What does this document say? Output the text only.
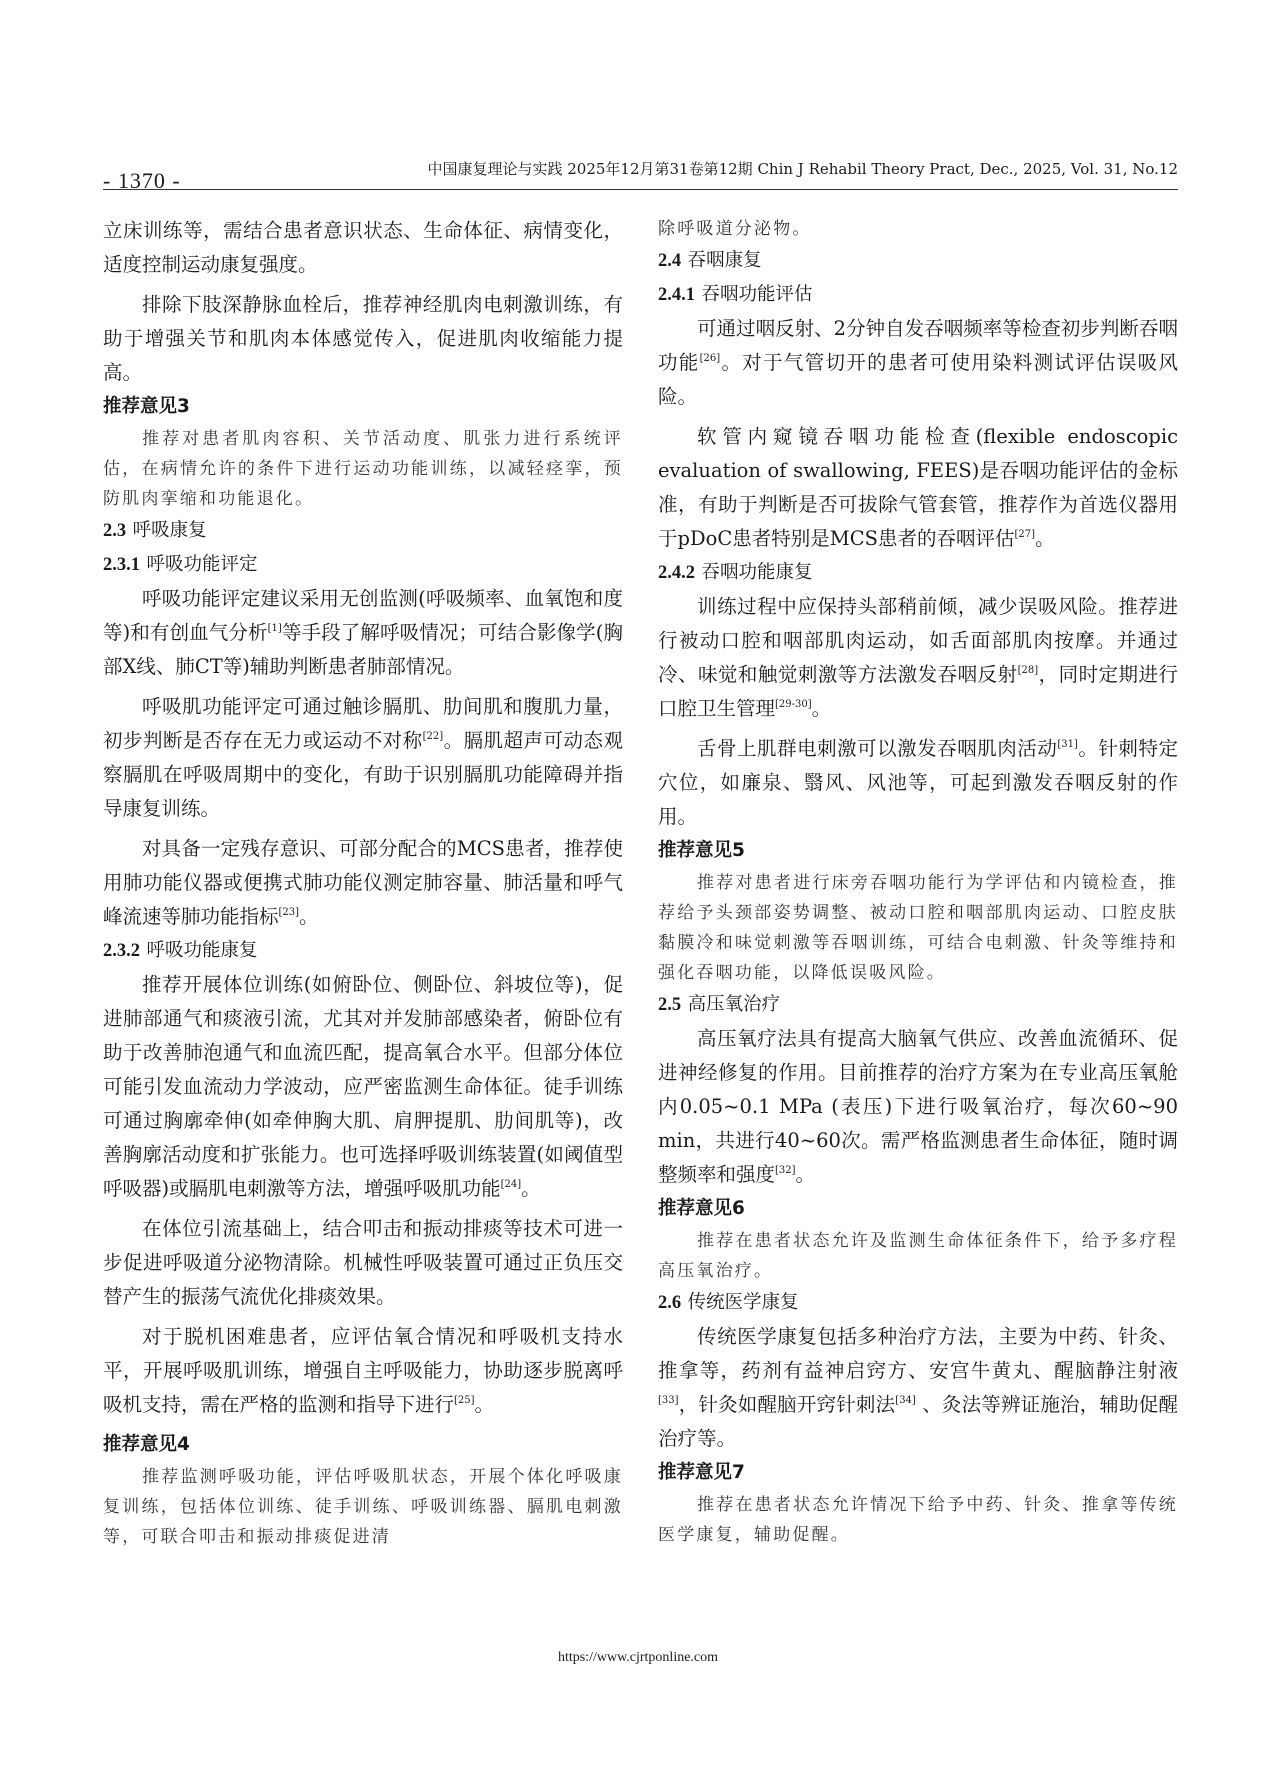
- 1370 -	中国康复理论与实践 2025年12月第31卷第12期 Chin J Rehabil Theory Pract, Dec., 2025, Vol. 31, No.12

立床训练等，需结合患者意识状态、生命体征、病情变化，适度控制运动康复强度。

排除下肢深静脉血栓后，推荐神经肌肉电刺激训练，有助于增强关节和肌肉本体感觉传入，促进肌肉收缩能力提高。

推荐意见3

推荐对患者肌肉容积、关节活动度、肌张力进行系统评估，在病情允许的条件下进行运动功能训练，以减轻痉挛，预防肌肉挛缩和功能退化。

2.3 呼吸康复
2.3.1 呼吸功能评定

呼吸功能评定建议采用无创监测(呼吸频率、血氧饱和度等)和有创血气分析[1]等手段了解呼吸情况；可结合影像学(胸部X线、肺CT等)辅助判断患者肺部情况。

呼吸肌功能评定可通过触诊膈肌、肋间肌和腹肌力量，初步判断是否存在无力或运动不对称[22]。膈肌超声可动态观察膈肌在呼吸周期中的变化，有助于识别膈肌功能障碍并指导康复训练。

对具备一定残存意识、可部分配合的MCS患者，推荐使用肺功能仪器或便携式肺功能仪测定肺容量、肺活量和呼气峰流速等肺功能指标[23]。

2.3.2 呼吸功能康复

推荐开展体位训练(如俯卧位、侧卧位、斜坡位等)，促进肺部通气和痰液引流，尤其对并发肺部感染者，俯卧位有助于改善肺泡通气和血流匹配，提高氧合水平。但部分体位可能引发血流动力学波动，应严密监测生命体征。徒手训练可通过胸廓牵伸(如牵伸胸大肌、肩胛提肌、肋间肌等)，改善胸廓活动度和扩张能力。也可选择呼吸训练装置(如阈值型呼吸器)或膈肌电刺激等方法，增强呼吸肌功能[24]。

在体位引流基础上，结合叩击和振动排痰等技术可进一步促进呼吸道分泌物清除。机械性呼吸装置可通过正负压交替产生的振荡气流优化排痰效果。

对于脱机困难患者，应评估氧合情况和呼吸机支持水平，开展呼吸肌训练，增强自主呼吸能力，协助逐步脱离呼吸机支持，需在严格的监测和指导下进行[25]。

推荐意见4

推荐监测呼吸功能，评估呼吸肌状态，开展个体化呼吸康复训练，包括体位训练、徒手训练、呼吸训练器、膈肌电刺激等，可联合叩击和振动排痰促进清

除呼吸道分泌物。

2.4 吞咽康复
2.4.1 吞咽功能评估

可通过咽反射、2分钟自发吞咽频率等检查初步判断吞咽功能[26]。对于气管切开的患者可使用染料测试评估误吸风险。

软管内窥镜吞咽功能检查(flexible endoscopic evaluation of swallowing, FEES)是吞咽功能评估的金标准，有助于判断是否可拔除气管套管，推荐作为首选仪器用于pDoC患者特别是MCS患者的吞咽评估[27]。

2.4.2 吞咽功能康复

训练过程中应保持头部稍前倾，减少误吸风险。推荐进行被动口腔和咽部肌肉运动，如舌面部肌肉按摩。并通过冷、味觉和触觉刺激等方法激发吞咽反射[28]，同时定期进行口腔卫生管理[29-30]。

舌骨上肌群电刺激可以激发吞咽肌肉活动[31]。针刺特定穴位，如廉泉、翳风、风池等，可起到激发吞咽反射的作用。

推荐意见5

推荐对患者进行床旁吞咽功能行为学评估和内镜检查，推荐给予头颈部姿势调整、被动口腔和咽部肌肉运动、口腔皮肤黏膜冷和味觉刺激等吞咽训练，可结合电刺激、针灸等维持和强化吞咽功能，以降低误吸风险。

2.5 高压氧治疗

高压氧疗法具有提高大脑氧气供应、改善血流循环、促进神经修复的作用。目前推荐的治疗方案为在专业高压氧舱内0.05~0.1 MPa (表压)下进行吸氧治疗，每次60~90 min，共进行40~60次。需严格监测患者生命体征，随时调整频率和强度[32]。

推荐意见6

推荐在患者状态允许及监测生命体征条件下，给予多疗程高压氧治疗。

2.6 传统医学康复

传统医学康复包括多种治疗方法，主要为中药、针灸、推拿等，药剂有益神启窍方、安宫牛黄丸、醒脑静注射液[33]，针灸如醒脑开窍针刺法[34] 、灸法等辨证施治，辅助促醒治疗等。

推荐意见7

推荐在患者状态允许情况下给予中药、针灸、推拿等传统医学康复，辅助促醒。

https://www.cjrtponline.com
